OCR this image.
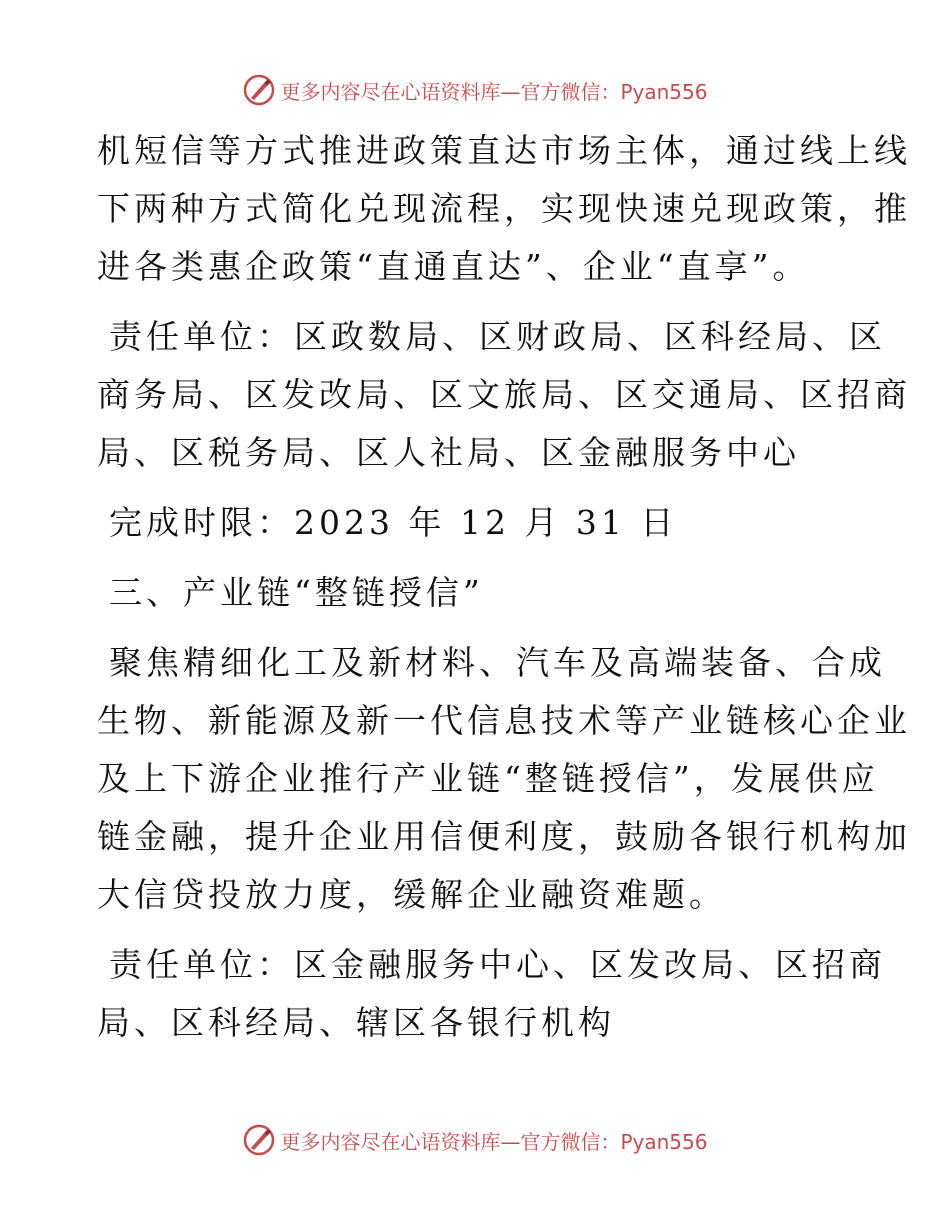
更多内容尽在心语资料库—官方微信：Pyan556

机短信等方式推进政策直达市场主体，通过线上线
下两种方式简化兑现流程，实现快速兑现政策，推
进各类惠企政策“直通直达”、企业“直享”。

责任单位：区政数局、区财政局、区科经局、区
商务局、区发改局、区文旅局、区交通局、区招商
局、区税务局、区人社局、区金融服务中心

完成时限：2023 年 12 月 31 日

三、产业链“整链授信”

聚焦精细化工及新材料、汽车及高端装备、合成
生物、新能源及新一代信息技术等产业链核心企业
及上下游企业推行产业链“整链授信”，发展供应
链金融，提升企业用信便利度，鼓励各银行机构加
大信贷投放力度，缓解企业融资难题。

责任单位：区金融服务中心、区发改局、区招商
局、区科经局、辖区各银行机构

更多内容尽在心语资料库—官方微信：Pyan556
